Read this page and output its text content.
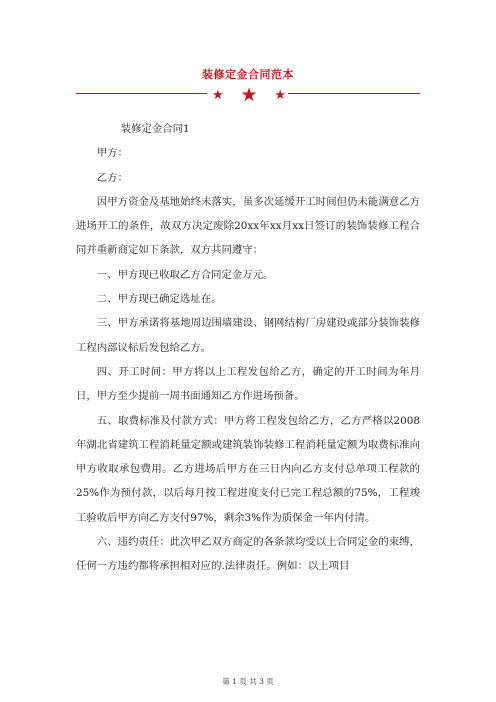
装修定金合同范本
★ ★ ★

装修定金合同1

甲方：

乙方：

因甲方资金及基地始终未落实，虽多次延缓开工时间但仍未能满意乙方进场开工的条件，故双方决定废除20xx年xx月xx日签订的装饰装修工程合同并重新商定如下条款，双方共同遵守：

一、甲方现已收取乙方合同定金万元。

二、甲方现已确定选址在。

三、甲方承诺将基地周边围墙建设、钢网结构厂房建设或部分装饰装修工程内部议标后发包给乙方。

四、开工时间：甲方将以上工程发包给乙方，确定的开工时间为年月日，甲方至少提前一周书面通知乙方作进场预备。

五、取费标准及付款方式：甲方将工程发包给乙方，乙方严格以2008年湖北省建筑工程消耗量定额或建筑装饰装修工程消耗量定额为取费标准向甲方收取承包费用。乙方进场后甲方在三日内向乙方支付总单项工程款的25%作为预付款，以后每月按工程进度支付已完工程总额的75%，工程竣工验收后甲方向乙方支付97%，剩余3%作为质保金一年内付清。

六、违约责任：此次甲乙双方商定的各条款均受以上合同定金的束缚，任何一方违约都将承担相对应的.法律责任。例如：以上项目

第 1 页 共 3 页
